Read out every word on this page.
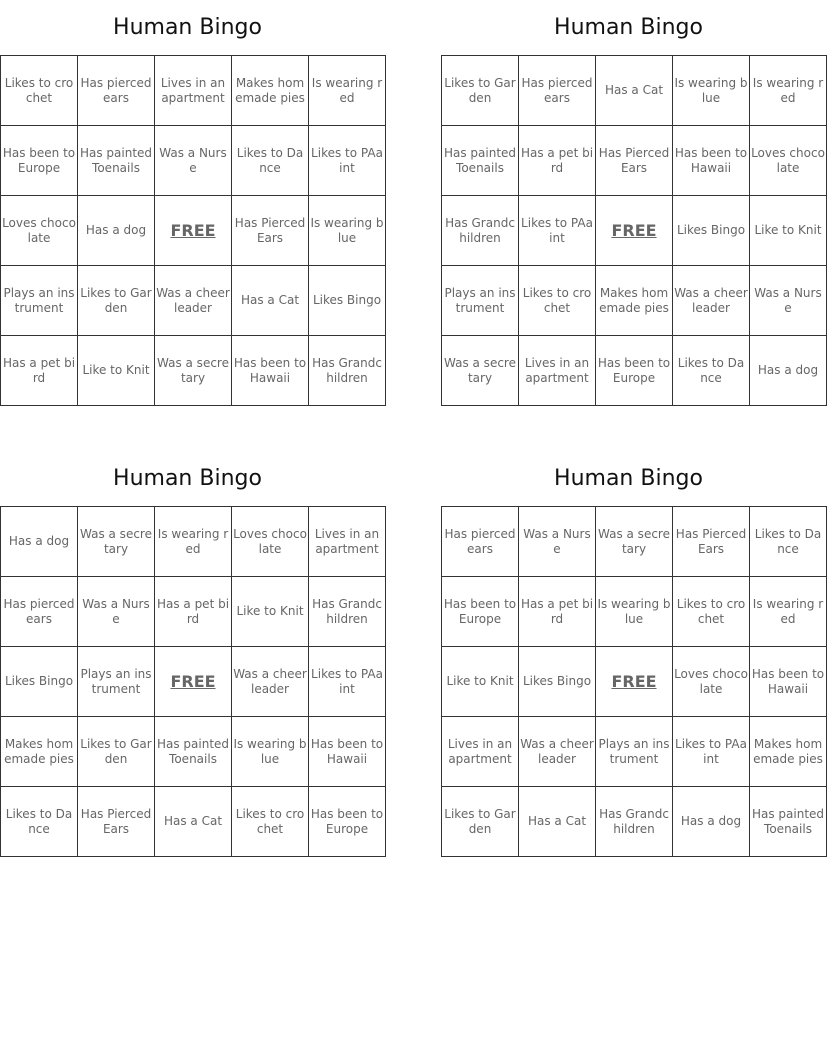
Human Bingo
Likes to crochet	Has pierced ears	Lives in an apartment	Makes homemade pies	Is wearing red
Has been to Europe	Has painted Toenails	Was a Nurse	Likes to Dance	Likes to PAaint
Loves chocolate	Has a dog	FREE	Has Pierced Ears	Is wearing blue
Plays an instrument	Likes to Garden	Was a cheerleader	Has a Cat	Likes Bingo
Has a pet bird	Like to Knit	Was a secretary	Has been to Hawaii	Has Grandchildren
Human Bingo
Likes to Garden	Has pierced ears	Has a Cat	Is wearing blue	Is wearing red
Has painted Toenails	Has a pet bird	Has Pierced Ears	Has been to Hawaii	Loves chocolate
Has Grandchildren	Likes to PAaint	FREE	Likes Bingo	Like to Knit
Plays an instrument	Likes to crochet	Makes homemade pies	Was a cheerleader	Was a Nurse
Was a secretary	Lives in an apartment	Has been to Europe	Likes to Dance	Has a dog
Human Bingo
Has a dog	Was a secretary	Is wearing red	Loves chocolate	Lives in an apartment
Has pierced ears	Was a Nurse	Has a pet bird	Like to Knit	Has Grandchildren
Likes Bingo	Plays an instrument	FREE	Was a cheerleader	Likes to PAaint
Makes homemade pies	Likes to Garden	Has painted Toenails	Is wearing blue	Has been to Hawaii
Likes to Dance	Has Pierced Ears	Has a Cat	Likes to crochet	Has been to Europe
Human Bingo
Has pierced ears	Was a Nurse	Was a secretary	Has Pierced Ears	Likes to Dance
Has been to Europe	Has a pet bird	Is wearing blue	Likes to crochet	Is wearing red
Like to Knit	Likes Bingo	FREE	Loves chocolate	Has been to Hawaii
Lives in an apartment	Was a cheerleader	Plays an instrument	Likes to PAaint	Makes homemade pies
Likes to Garden	Has a Cat	Has Grandchildren	Has a dog	Has painted Toenails
